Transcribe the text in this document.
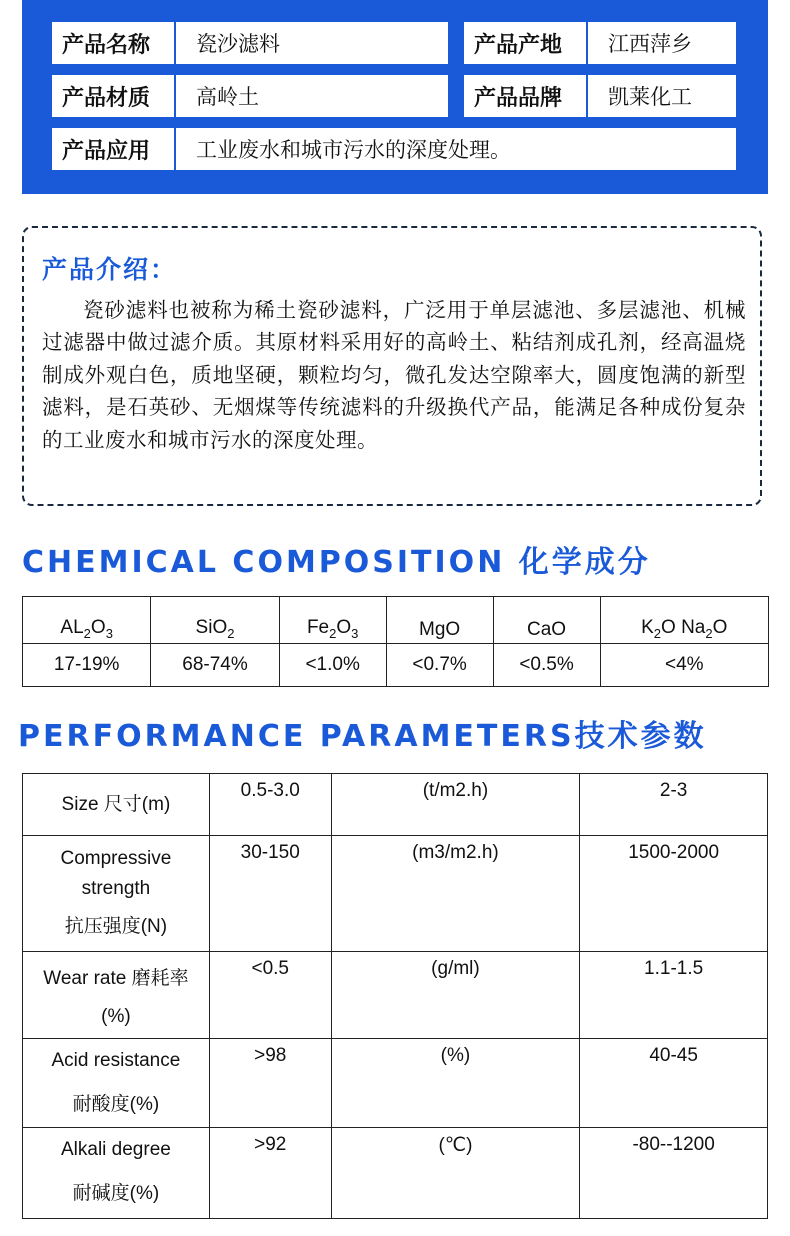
产品名称	瓷沙滤料	产品产地	江西萍乡
产品材质	高岭土	产品品牌	凯莱化工
产品应用	工业废水和城市污水的深度处理。
产品介绍：
瓷砂滤料也被称为稀土瓷砂滤料，广泛用于单层滤池、多层滤池、机械过滤器中做过滤介质。其原材料采用好的高岭土、粘结剂成孔剂，经高温烧制成外观白色，质地坚硬，颗粒均匀，微孔发达空隙率大，圆度饱满的新型滤料，是石英砂、无烟煤等传统滤料的升级换代产品，能满足各种成份复杂的工业废水和城市污水的深度处理。
CHEMICAL COMPOSITION 化学成分
$AL_2O_3$	SiO$_2$	$Fe_2O_3$	MgO	CaO	$K_2O$ $Na_2O$
17-19%	68-74%	<1.0%	<0.7%	<0.5%	<4%
PERFORMANCE PARAMETERS技术参数
Size 尺寸(m)	0.5-3.0	(t/m2.h)	2-3

Compressive
strength
抗压强度(N)	30-150	(m3/m2.h)	1500-2000

Wear rate 磨耗率
(%)	<0.5	(g/ml)	1.1-1.5

Acid resistance
耐酸度(%)	>98	(%)	40-45

Alkali degree
耐碱度(%)	>92	(℃)	-80--1200
